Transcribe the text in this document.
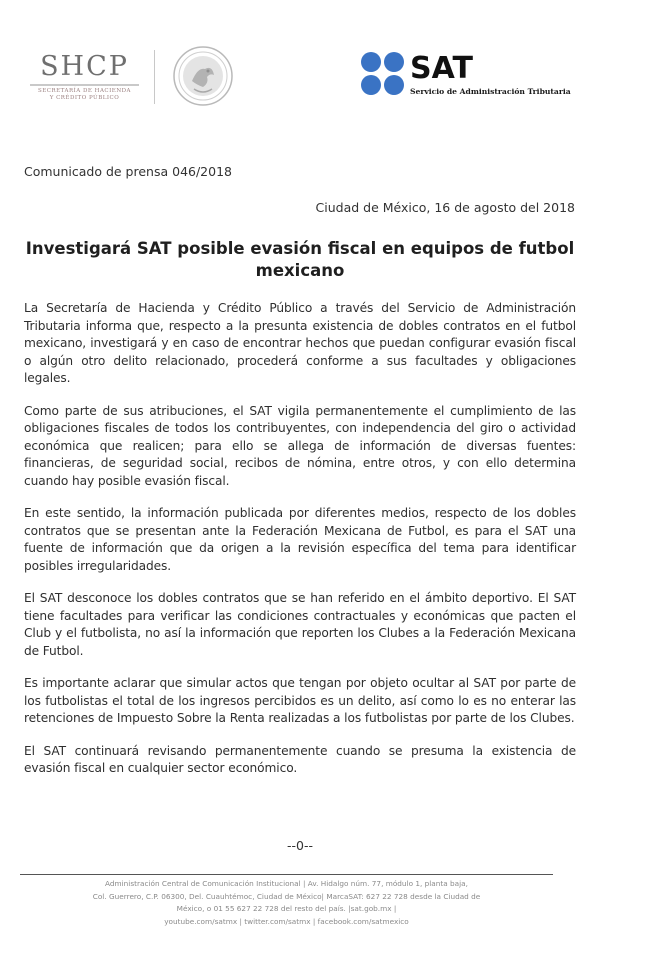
SHCP
SECRETARÍA DE HACIENDA
Y CRÉDITO PÚBLICO
SAT
Servicio de Administración Tributaria
Comunicado de prensa 046/2018
Ciudad de México, 16 de agosto del 2018
Investigará SAT posible evasión fiscal en equipos de futbol
mexicano

La Secretaría de Hacienda y Crédito Público a través del Servicio de Administración Tributaria informa que, respecto a la presunta existencia de dobles contratos en el futbol mexicano, investigará y en caso de encontrar hechos que puedan configurar evasión fiscal o algún otro delito relacionado, procederá conforme a sus facultades y obligaciones legales.

Como parte de sus atribuciones, el SAT vigila permanentemente el cumplimiento de las obligaciones fiscales de todos los contribuyentes, con independencia del giro o actividad económica que realicen; para ello se allega de información de diversas fuentes: financieras, de seguridad social, recibos de nómina, entre otros, y con ello determina cuando hay posible evasión fiscal.

En este sentido, la información publicada por diferentes medios, respecto de los dobles contratos que se presentan ante la Federación Mexicana de Futbol, es para el SAT una fuente de información que da origen a la revisión específica del tema para identificar posibles irregularidades.

El SAT desconoce los dobles contratos que se han referido en el ámbito deportivo. El SAT tiene facultades para verificar las condiciones contractuales y económicas que pacten el Club y el futbolista, no así la información que reporten los Clubes a la Federación Mexicana de Futbol.

Es importante aclarar que simular actos que tengan por objeto ocultar al SAT por parte de los futbolistas el total de los ingresos percibidos es un delito, así como lo es no enterar las retenciones de Impuesto Sobre la Renta realizadas a los futbolistas por parte de los Clubes.

El SAT continuará revisando permanentemente cuando se presuma la existencia de evasión fiscal en cualquier sector económico.

--0--
Administración Central de Comunicación Institucional | Av. Hidalgo núm. 77, módulo 1, planta baja,
Col. Guerrero, C.P. 06300, Del. Cuauhtémoc, Ciudad de México| MarcaSAT: 627 22 728 desde la Ciudad de
México, o 01 55 627 22 728 del resto del país. |sat.gob.mx |
youtube.com/satmx | twitter.com/satmx | facebook.com/satmexico
